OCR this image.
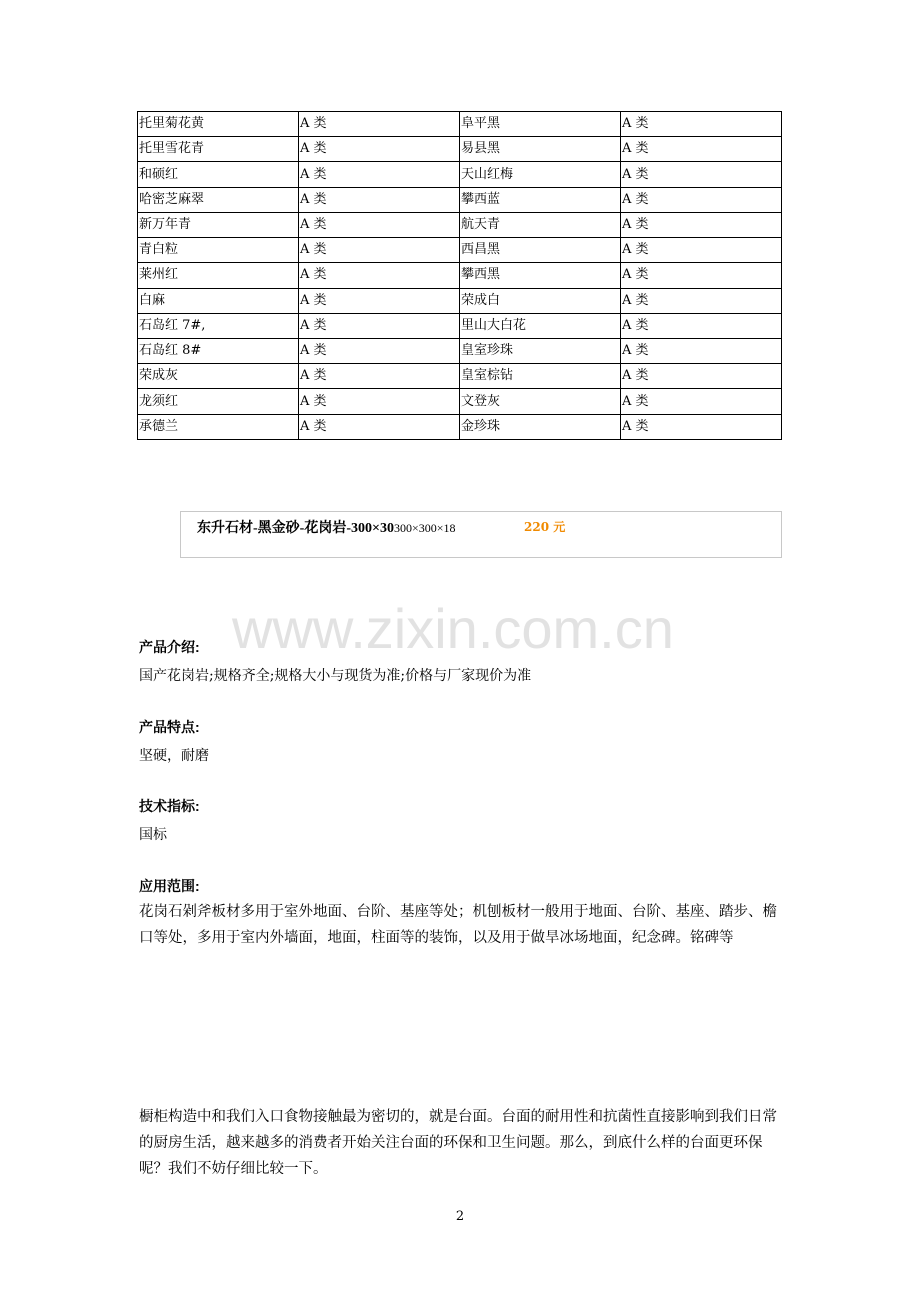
托里菊花黄	A 类	阜平黑	A 类
托里雪花青	A 类	易县黑	A 类
和硕红	A 类	天山红梅	A 类
哈密芝麻翠	A 类	攀西蓝	A 类
新万年青	A 类	航天青	A 类
青白粒	A 类	西昌黑	A 类
莱州红	A 类	攀西黑	A 类
白麻	A 类	荣成白	A 类
石岛红 7#,	A 类	里山大白花	A 类
石岛红 8#	A 类	皇室珍珠	A 类
荣成灰	A 类	皇室棕钻	A 类
龙须红	A 类	文登灰	A 类
承德兰	A 类	金珍珠	A 类
东升石材-黑金砂-花岗岩-300×30300×300×18	220 元
www.zixin.com.cn
产品介绍:
国产花岗岩;规格齐全;规格大小与现货为准;价格与厂家现价为准
产品特点:
坚硬，耐磨
技术指标:
国标
应用范围:
花岗石剁斧板材多用于室外地面、台阶、基座等处；机刨板材一般用于地面、台阶、基座、踏步、檐口等处，多用于室内外墙面，地面，柱面等的装饰，以及用于做旱冰场地面，纪念碑。铭碑等
橱柜构造中和我们入口食物接触最为密切的，就是台面。台面的耐用性和抗菌性直接影响到我们日常的厨房生活，越来越多的消费者开始关注台面的环保和卫生问题。那么，到底什么样的台面更环保呢？我们不妨仔细比较一下。
2
